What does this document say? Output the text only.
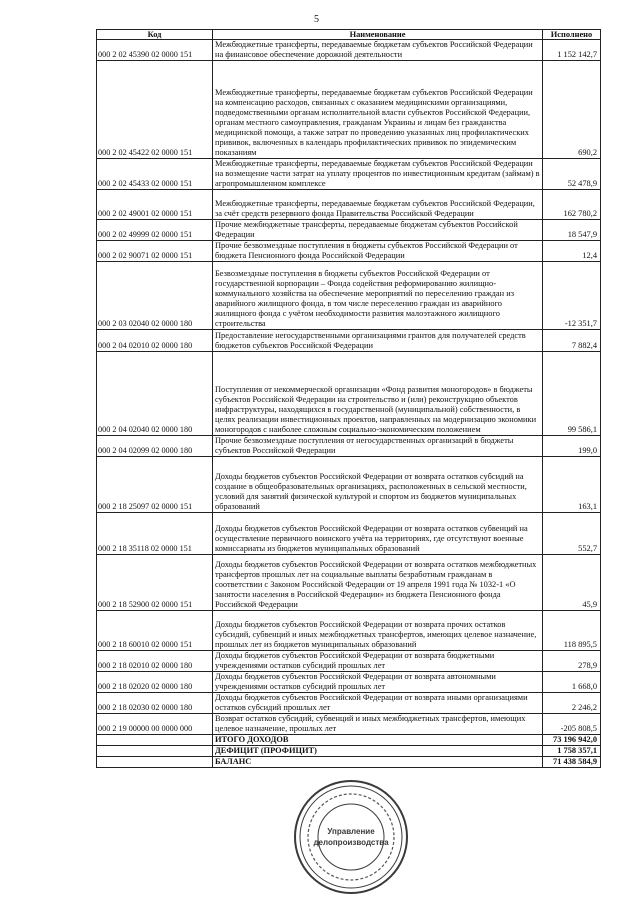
5
Код	Наименование	Исполнено
000 2 02 45390 02 0000 151	Межбюджетные трансферты, передаваемые бюджетам субъектов Российской Федерации на финансовое обеспечение дорожной деятельности	1 152 142,7
000 2 02 45422 02 0000 151	Межбюджетные трансферты, передаваемые бюджетам субъектов Российской Федерации на компенсацию расходов, связанных с оказанием медицинскими организациями, подведомственными органам исполнительной власти субъектов Российской Федерации, органам местного самоуправления, гражданам Украины и лицам без гражданства медицинской помощи, а также затрат по проведению указанных лиц профилактических прививок, включенных в календарь профилактических прививок по эпидемическим показаниям	690,2
000 2 02 45433 02 0000 151	Межбюджетные трансферты, передаваемые бюджетам субъектов Российской Федерации на возмещение части затрат на уплату процентов по инвестиционным кредитам (займам) в агропромышленном комплексе	52 478,9
000 2 02 49001 02 0000 151	Межбюджетные трансферты, передаваемые бюджетам субъектов Российской Федерации, за счёт средств резервного фонда Правительства Российской Федерации	162 780,2
000 2 02 49999 02 0000 151	Прочие межбюджетные трансферты, передаваемые бюджетам субъектов Российской Федерации	18 547,9
000 2 02 90071 02 0000 151	Прочие безвозмездные поступления в бюджеты субъектов Российской Федерации от бюджета Пенсионного фонда Российской Федерации	12,4
000 2 03 02040 02 0000 180	Безвозмездные поступления в бюджеты субъектов Российской Федерации от государственной корпорации – Фонда содействия реформированию жилищно-коммунального хозяйства на обеспечение мероприятий по переселению граждан из аварийного жилищного фонда, в том числе переселению граждан из аварийного жилищного фонда с учётом необходимости развития малоэтажного жилищного строительства	-12 351,7
000 2 04 02010 02 0000 180	Предоставление негосударственными организациями грантов для получателей средств бюджетов субъектов Российской Федерации	7 882,4
000 2 04 02040 02 0000 180	Поступления от некоммерческой организации «Фонд развития моногородов» в бюджеты субъектов Российской Федерации на строительство и (или) реконструкцию объектов инфраструктуры, находящихся в государственной (муниципальной) собственности, в целях реализации инвестиционных проектов, направленных на модернизацию экономики моногородов с наиболее сложным социально-экономическим положением	99 586,1
000 2 04 02099 02 0000 180	Прочие безвозмездные поступления от негосударственных организаций в бюджеты субъектов Российской Федерации	199,0
000 2 18 25097 02 0000 151	Доходы бюджетов субъектов Российской Федерации от возврата остатков субсидий на создание в общеобразовательных организациях, расположенных в сельской местности, условий для занятий физической культурой и спортом из бюджетов муниципальных образований	163,1
000 2 18 35118 02 0000 151	Доходы бюджетов субъектов Российской Федерации от возврата остатков субвенций на осуществление первичного воинского учёта на территориях, где отсутствуют военные комиссариаты из бюджетов муниципальных образований	552,7
000 2 18 52900 02 0000 151	Доходы бюджетов субъектов Российской Федерации от возврата остатков межбюджетных трансфертов прошлых лет на социальные выплаты безработным гражданам в соответствии с Законом Российской Федерации от 19 апреля 1991 года № 1032-1 «О занятости населения в Российской Федерации» из бюджета Пенсионного фонда Российской Федерации	45,9
000 2 18 60010 02 0000 151	Доходы бюджетов субъектов Российской Федерации от возврата прочих остатков субсидий, субвенций и иных межбюджетных трансфертов, имеющих целевое назначение, прошлых лет из бюджетов муниципальных образований	118 895,5
000 2 18 02010 02 0000 180	Доходы бюджетов субъектов Российской Федерации от возврата бюджетными учреждениями остатков субсидий прошлых лет	278,9
000 2 18 02020 02 0000 180	Доходы бюджетов субъектов Российской Федерации от возврата автономными учреждениями остатков субсидий прошлых лет	1 668,0
000 2 18 02030 02 0000 180	Доходы бюджетов субъектов Российской Федерации от возврата иными организациями остатков субсидий прошлых лет	2 246,2
000 2 19 00000 00 0000 000	Возврат остатков субсидий, субвенций и иных межбюджетных трансфертов, имеющих целевое назначение, прошлых лет	-205 808,5
	ИТОГО ДОХОДОВ	73 196 942,0
	ДЕФИЦИТ (ПРОФИЦИТ)	1 758 357,1
	БАЛАНС	71 438 584,9
Управление
делопроизводства
